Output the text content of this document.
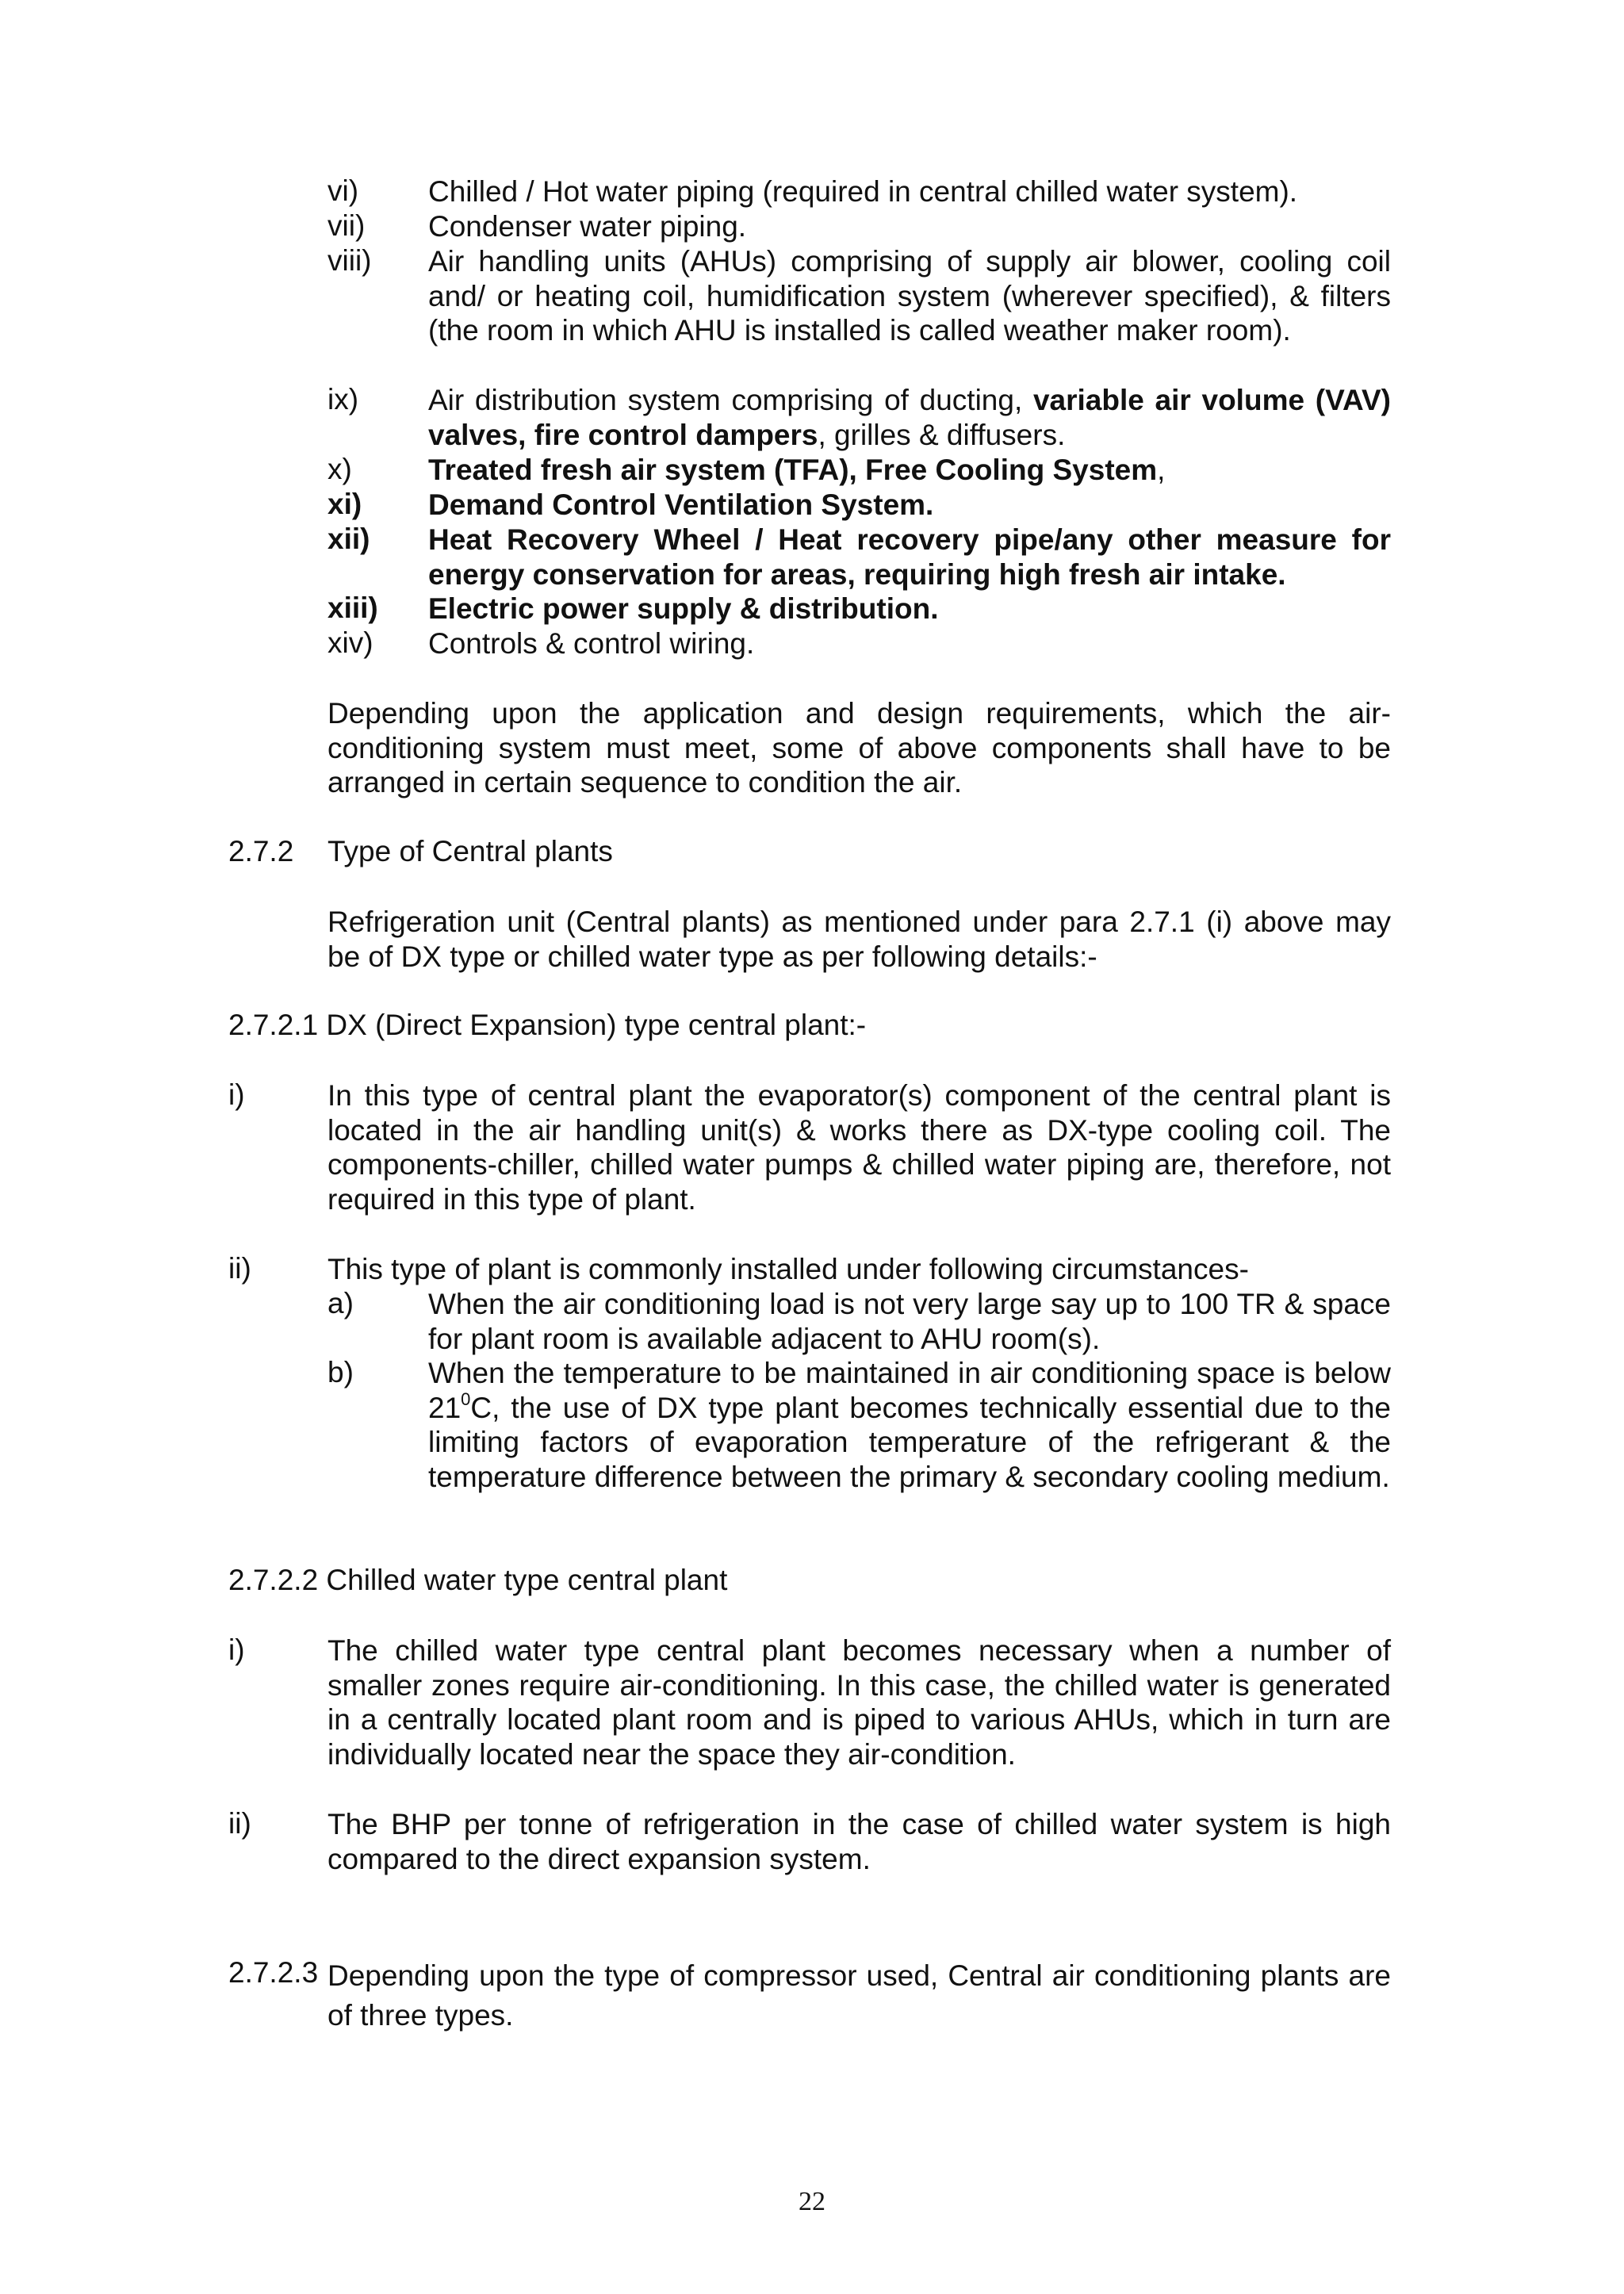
vi) Chilled / Hot water piping (required in central chilled water system).
vii) Condenser water piping.
viii) Air handling units (AHUs) comprising of supply air blower, cooling coil and/ or heating coil, humidification system (wherever specified), & filters (the room in which AHU is installed is called weather maker room).
ix) Air distribution system comprising of ducting, variable air volume (VAV) valves, fire control dampers, grilles & diffusers.
x)	Treated fresh air system (TFA), Free Cooling System,
xi) Demand Control Ventilation System.
xii) Heat Recovery Wheel / Heat recovery pipe/any other measure for energy conservation for areas, requiring high fresh air intake.
xiii) Electric power supply & distribution.
xiv) Controls & control wiring.
Depending upon the application and design requirements, which the air-conditioning system must meet, some of above components shall have to be arranged in certain sequence to condition the air.
2.7.2 Type of Central plants
Refrigeration unit (Central plants) as mentioned under para 2.7.1 (i) above may be of DX type or chilled water type as per following details:-
2.7.2.1 DX (Direct Expansion) type central plant:-
i)	In this type of central plant the evaporator(s) component of the central plant is located in the air handling unit(s) & works there as DX-type cooling coil. The components-chiller, chilled water pumps & chilled water piping are, therefore, not required in this type of plant.
ii)	This type of plant is commonly installed under following circumstances-
a)	When the air conditioning load is not very large say up to 100 TR & space for plant room is available adjacent to AHU room(s).
b)	When the temperature to be maintained in air conditioning space is below $21^0C$, the use of DX type plant becomes technically essential due to the limiting factors of evaporation temperature of the refrigerant & the temperature difference between the primary & secondary cooling medium.
2.7.2.2 Chilled water type central plant
i)	The chilled water type central plant becomes necessary when a number of smaller zones require air-conditioning. In this case, the chilled water is generated in a centrally located plant room and is piped to various AHUs, which in turn are individually located near the space they air-condition.
ii)	The BHP per tonne of refrigeration in the case of chilled water system is high compared to the direct expansion system.
2.7.2.3 Depending upon the type of compressor used, Central air conditioning plants are of three types.
22
